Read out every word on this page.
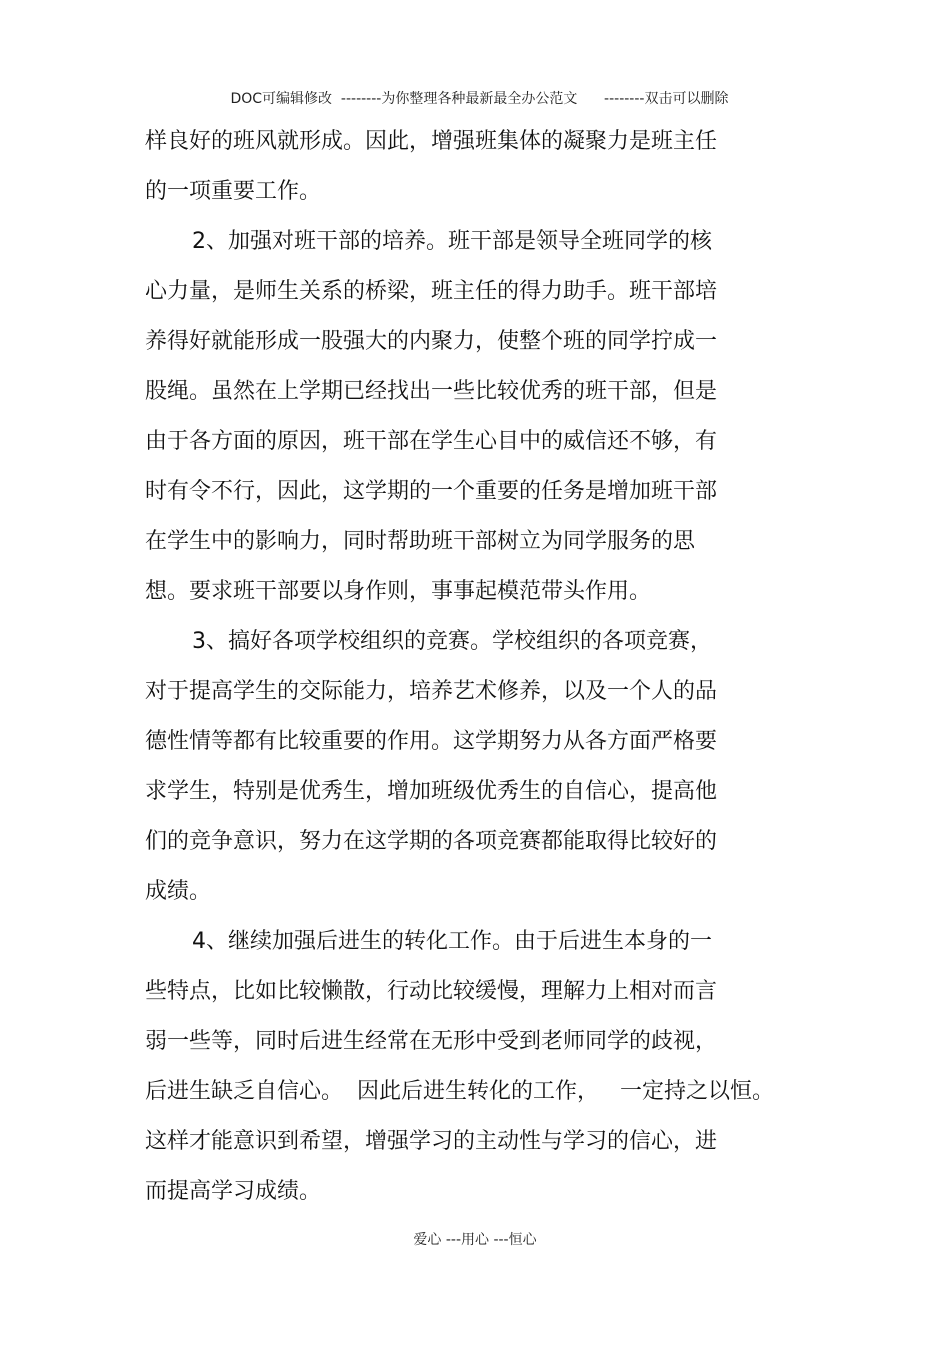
DOC可编辑修改 --------为你整理各种最新最全办公范文 --------双击可以删除

样良好的班风就形成。因此，增强班集体的凝聚力是班主任
的一项重要工作。
2、加强对班干部的培养。班干部是领导全班同学的核
心力量，是师生关系的桥梁，班主任的得力助手。班干部培
养得好就能形成一股强大的内聚力，使整个班的同学拧成一
股绳。虽然在上学期已经找出一些比较优秀的班干部，但是
由于各方面的原因，班干部在学生心目中的威信还不够，有
时有令不行，因此，这学期的一个重要的任务是增加班干部
在学生中的影响力，同时帮助班干部树立为同学服务的思
想。要求班干部要以身作则，事事起模范带头作用。
3、搞好各项学校组织的竞赛。学校组织的各项竞赛，
对于提高学生的交际能力，培养艺术修养，以及一个人的品
德性情等都有比较重要的作用。这学期努力从各方面严格要
求学生，特别是优秀生，增加班级优秀生的自信心，提高他
们的竞争意识，努力在这学期的各项竞赛都能取得比较好的
成绩。
4、继续加强后进生的转化工作。由于后进生本身的一
些特点，比如比较懒散，行动比较缓慢，理解力上相对而言
弱一些等，同时后进生经常在无形中受到老师同学的歧视，
后进生缺乏自信心。  因此后进生转化的工作，   一定持之以恒。
这样才能意识到希望，增强学习的主动性与学习的信心，进
而提高学习成绩。
爱心 ---用心 ---恒心
